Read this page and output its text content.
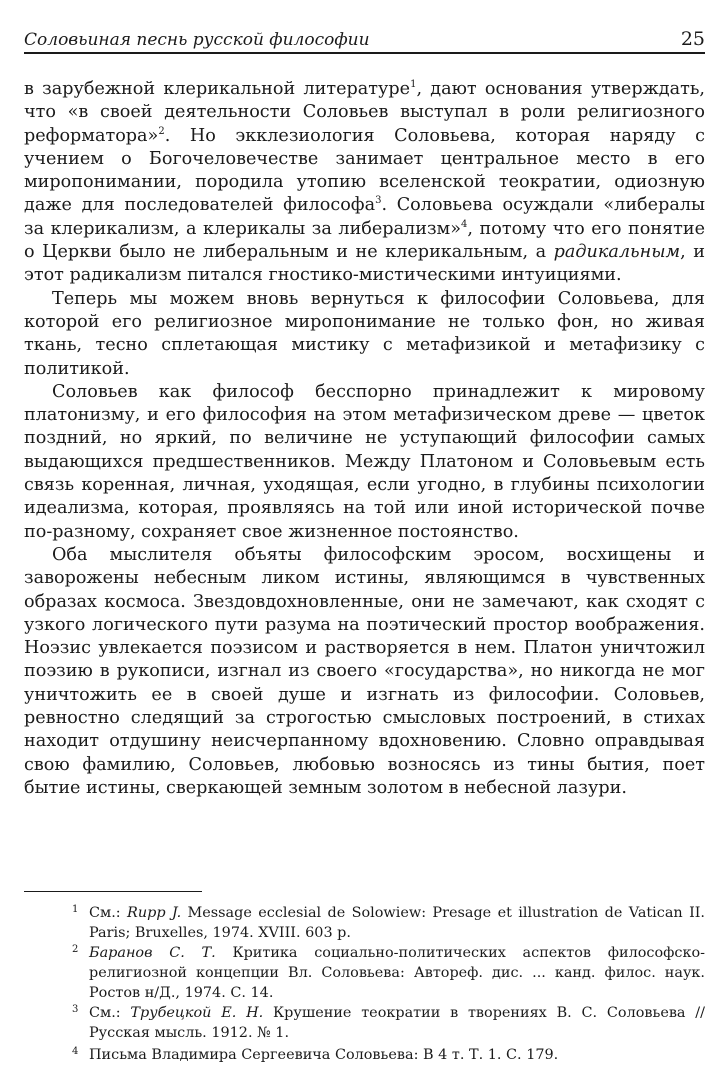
Соловьиная песнь русской философии	25

в зарубежной клерикальной литературе$^1$, дают основания утверждать, что «в своей деятельности Соловьев выступал в роли религиозного реформатора»$^2$. Но экклезиология Соловьева, которая наряду с учением о Богочеловечестве занимает центральное место в его миропонимании, породила утопию вселенской теократии, одиозную даже для последователей философа$^3$. Соловьева осуждали «либералы за клерикализм, а клерикалы за либерализм»$^4$, потому что его понятие о Церкви было не либеральным и не клерикальным, а радикальным, и этот радикализм питался гностико-мистическими интуициями.

Теперь мы можем вновь вернуться к философии Соловьева, для которой его религиозное миропонимание не только фон, но живая ткань, тесно сплетающая мистику с метафизикой и метафизику с политикой.

Соловьев как философ бесспорно принадлежит к мировому платонизму, и его философия на этом метафизическом древе — цветок поздний, но яркий, по величине не уступающий философии самых выдающихся предшественников. Между Платоном и Соловьевым есть связь коренная, личная, уходящая, если угодно, в глубины психологии идеализма, которая, проявляясь на той или иной исторической почве по-разному, сохраняет свое жизненное постоянство.

Оба мыслителя объяты философским эросом, восхищены и заворожены небесным ликом истины, являющимся в чувственных образах космоса. Звездовдохновленные, они не замечают, как сходят с узкого логического пути разума на поэтический простор воображения. Ноэзис увлекается поэзисом и растворяется в нем. Платон уничтожил поэзию в рукописи, изгнал из своего «государства», но никогда не мог уничтожить ее в своей душе и изгнать из философии. Соловьев, ревностно следящий за строгостью смысловых построений, в стихах находит отдушину неисчерпанному вдохновению. Словно оправдывая свою фамилию, Соловьев, любовью возносясь из тины бытия, поет бытие истины, сверкающей земным золотом в небесной лазури.

1 См.: Rupp J. Message ecclesial de Solowiew: Presage et illustration de Vatican II. Paris; Bruxelles, 1974. XVIII. 603 p.

2 Баранов С. Т. Критика социально-политических аспектов философско-религиозной концепции Вл. Соловьева: Автореф. дис. ... канд. филос. наук. Ростов н/Д., 1974. С. 14.

3 См.: Трубецкой Е. Н. Крушение теократии в творениях В. С. Соловьева // Русская мысль. 1912. № 1.

4 Письма Владимира Сергеевича Соловьева: В 4 т. Т. 1. С. 179.
